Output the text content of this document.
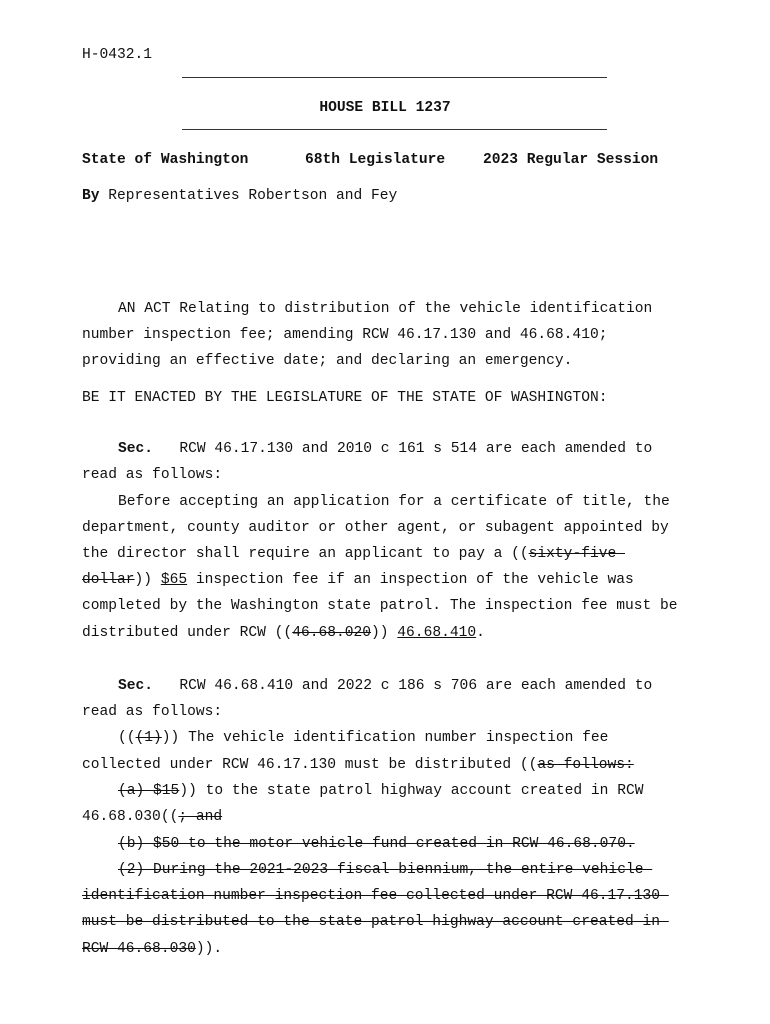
H-0432.1
HOUSE BILL 1237
State of Washington	68th Legislature	2023 Regular Session
By Representatives Robertson and Fey
AN ACT Relating to distribution of the vehicle identification
number inspection fee; amending RCW 46.17.130 and 46.68.410;
providing an effective date; and declaring an emergency.
BE IT ENACTED BY THE LEGISLATURE OF THE STATE OF WASHINGTON:
Sec. RCW 46.17.130 and 2010 c 161 s 514 are each amended to
read as follows:
Before accepting an application for a certificate of title, the
department, county auditor or other agent, or subagent appointed by
the director shall require an applicant to pay a ((sixty-five
dollar)) $65 inspection fee if an inspection of the vehicle was
completed by the Washington state patrol. The inspection fee must be
distributed under RCW ((46.68.020)) 46.68.410.
Sec. RCW 46.68.410 and 2022 c 186 s 706 are each amended to
read as follows:
(((1))) The vehicle identification number inspection fee
collected under RCW 46.17.130 must be distributed ((as follows:
(a) $15)) to the state patrol highway account created in RCW
46.68.030((; and
(b) $50 to the motor vehicle fund created in RCW 46.68.070.
(2) During the 2021-2023 fiscal biennium, the entire vehicle
identification number inspection fee collected under RCW 46.17.130
must be distributed to the state patrol highway account created in
RCW 46.68.030)).
